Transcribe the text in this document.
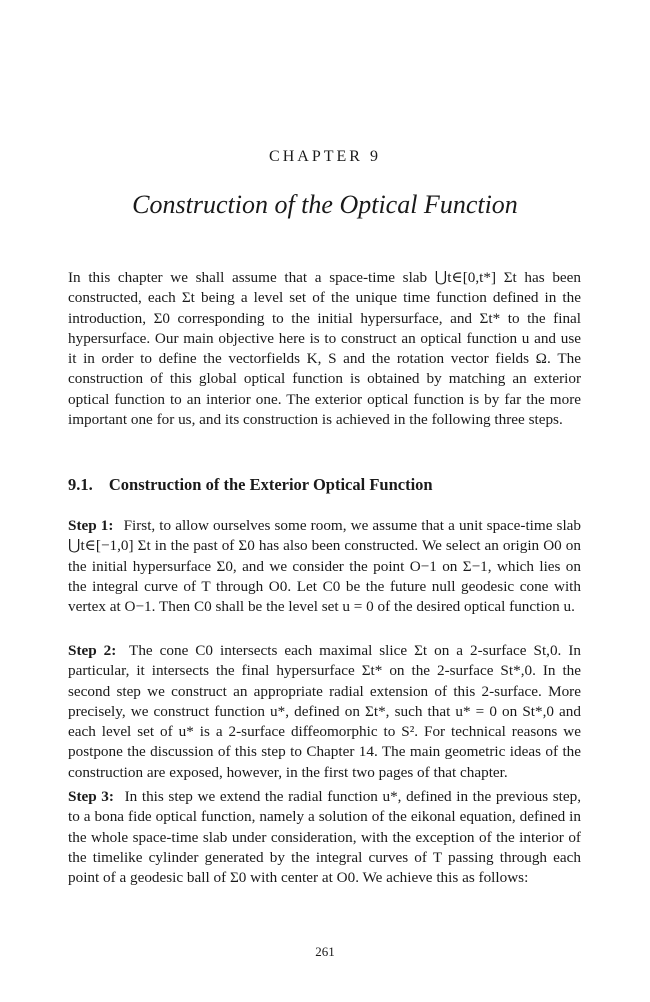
CHAPTER 9
Construction of the Optical Function

In this chapter we shall assume that a space-time slab ⋃t∈[0,t*] Σt has been constructed, each Σt being a level set of the unique time function defined in the introduction, Σ0 corresponding to the initial hypersurface, and Σt* to the final hypersurface. Our main objective here is to construct an optical function u and use it in order to define the vectorfields K, S and the rotation vector fields Ω. The construction of this global optical function is obtained by matching an exterior optical function to an interior one. The exterior optical function is by far the more important one for us, and its construction is achieved in the following three steps.

9.1. Construction of the Exterior Optical Function

Step 1: First, to allow ourselves some room, we assume that a unit space-time slab ⋃t∈[−1,0] Σt in the past of Σ0 has also been constructed. We select an origin O0 on the initial hypersurface Σ0, and we consider the point O−1 on Σ−1, which lies on the integral curve of T through O0. Let C0 be the future null geodesic cone with vertex at O−1. Then C0 shall be the level set u = 0 of the desired optical function u.

Step 2: The cone C0 intersects each maximal slice Σt on a 2-surface St,0. In particular, it intersects the final hypersurface Σt* on the 2-surface St*,0. In the second step we construct an appropriate radial extension of this 2-surface. More precisely, we construct function u*, defined on Σt*, such that u* = 0 on St*,0 and each level set of u* is a 2-surface diffeomorphic to S². For technical reasons we postpone the discussion of this step to Chapter 14. The main geometric ideas of the construction are exposed, however, in the first two pages of that chapter.

Step 3: In this step we extend the radial function u*, defined in the previous step, to a bona fide optical function, namely a solution of the eikonal equation, defined in the whole space-time slab under consideration, with the exception of the interior of the timelike cylinder generated by the integral curves of T passing through each point of a geodesic ball of Σ0 with center at O0. We achieve this as follows:

261
